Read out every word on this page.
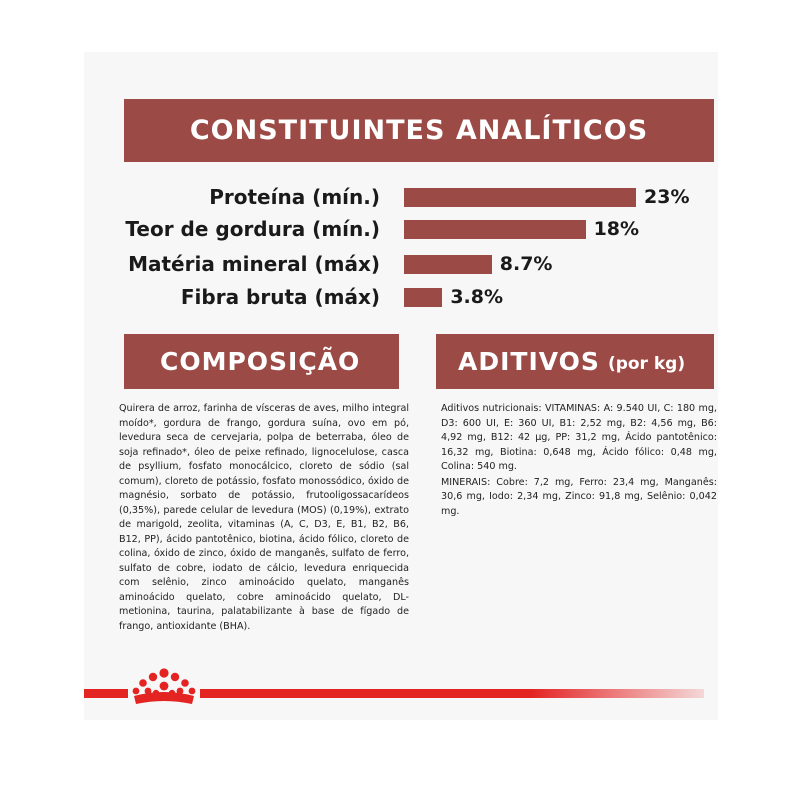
CONSTITUINTES ANALÍTICOS
Proteína (mín.)	23%
Teor de gordura (mín.)	18%
Matéria mineral (máx)	8.7%
Fibra bruta (máx)	3.8%
COMPOSIÇÃO	ADITIVOS (por kg)
Quirera de arroz, farinha de vísceras de aves, milho integral moído*, gordura de frango, gordura suína, ovo em pó, levedura seca de cervejaria, polpa de beterraba, óleo de soja refinado*, óleo de peixe refinado, lignocelulose, casca de psyllium, fosfato monocálcico, cloreto de sódio (sal comum), cloreto de potássio, fosfato monossódico, óxido de magnésio, sorbato de potássio, frutooligossacarídeos (0,35%), parede celular de levedura (MOS) (0,19%), extrato de marigold, zeolita, vitaminas (A, C, D3, E, B1, B2, B6, B12, PP), ácido pantotênico, biotina, ácido fólico, cloreto de colina, óxido de zinco, óxido de manganês, sulfato de ferro, sulfato de cobre, iodato de cálcio, levedura enriquecida com selênio, zinco aminoácido quelato, manganês aminoácido quelato, cobre aminoácido quelato, DL-metionina, taurina, palatabilizante à base de fígado de frango, antioxidante (BHA).

Aditivos nutricionais: VITAMINAS: A: 9.540 UI, C: 180 mg, D3: 600 UI, E: 360 UI, B1: 2,52 mg, B2: 4,56 mg, B6: 4,92 mg, B12: 42 µg, PP: 31,2 mg, Ácido pantotênico: 16,32 mg, Biotina: 0,648 mg, Ácido fólico: 0,48 mg, Colina: 540 mg.

MINERAIS: Cobre: 7,2 mg, Ferro: 23,4 mg, Manganês: 30,6 mg, Iodo: 2,34 mg, Zinco: 91,8 mg, Selênio: 0,042 mg.
